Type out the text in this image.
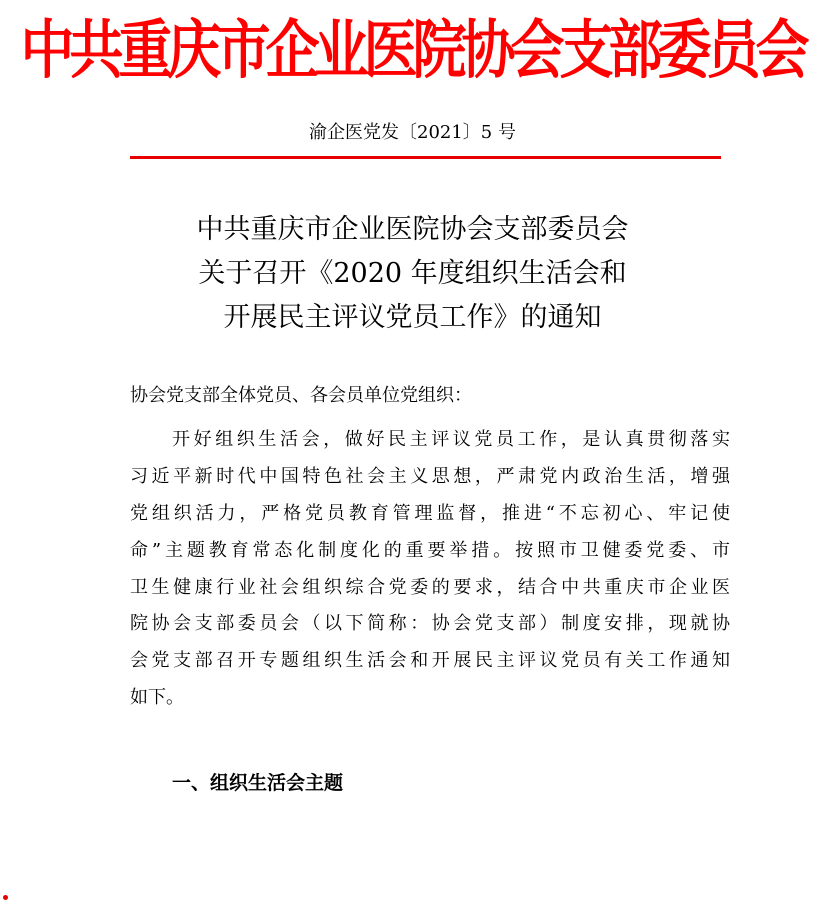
中共重庆市企业医院协会支部委员会
渝企医党发〔2021〕5 号
中共重庆市企业医院协会支部委员会
关于召开《2020 年度组织生活会和
开展民主评议党员工作》的通知
协会党支部全体党员、各会员单位党组织：
开好组织生活会，做好民主评议党员工作，是认真贯彻落实
习近平新时代中国特色社会主义思想，严肃党内政治生活，增强
党组织活力，严格党员教育管理监督，推进“不忘初心、牢记使
命”主题教育常态化制度化的重要举措。按照市卫健委党委、市
卫生健康行业社会组织综合党委的要求，结合中共重庆市企业医
院协会支部委员会（以下简称：协会党支部）制度安排，现就协
会党支部召开专题组织生活会和开展民主评议党员有关工作通知
如下。
一、组织生活会主题
